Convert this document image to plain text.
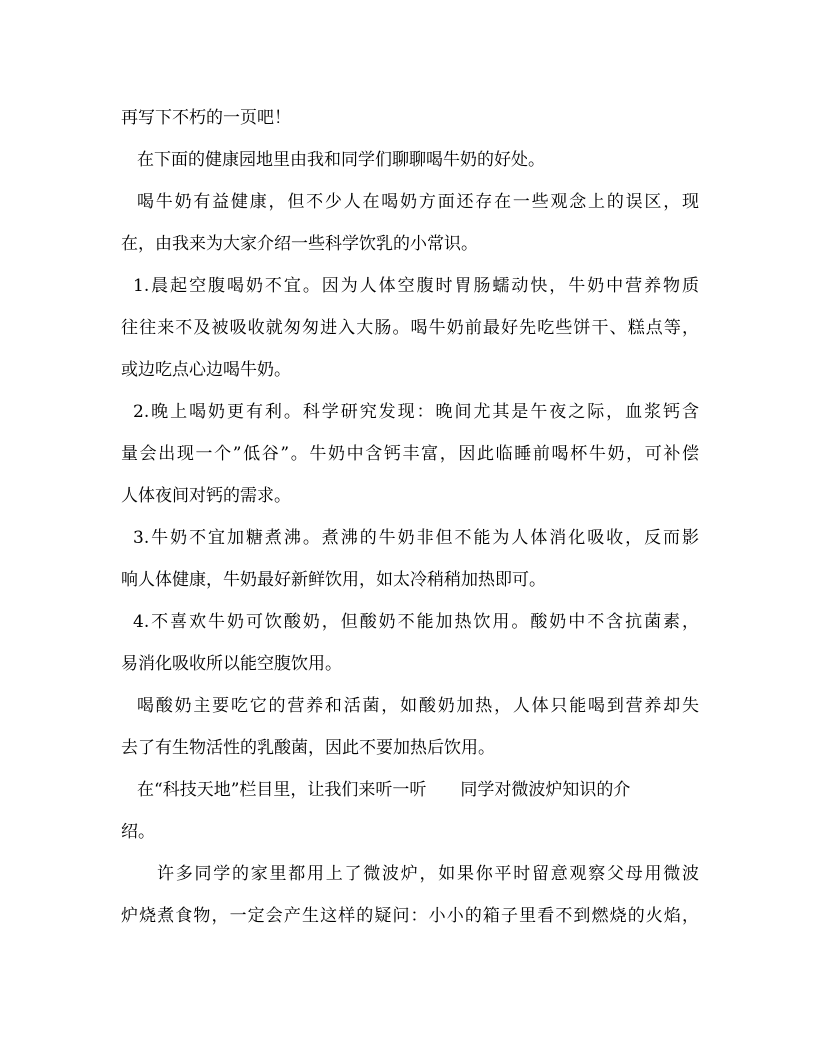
再写下不朽的一页吧！
在下面的健康园地里由我和同学们聊聊喝牛奶的好处。
喝牛奶有益健康，但不少人在喝奶方面还存在一些观念上的误区，现
在，由我来为大家介绍一些科学饮乳的小常识。
1.晨起空腹喝奶不宜。因为人体空腹时胃肠蠕动快，牛奶中营养物质
往往来不及被吸收就匆匆进入大肠。喝牛奶前最好先吃些饼干、糕点等，
或边吃点心边喝牛奶。
2.晚上喝奶更有利。科学研究发现：晚间尤其是午夜之际，血浆钙含
量会出现一个”低谷”。牛奶中含钙丰富，因此临睡前喝杯牛奶，可补偿
人体夜间对钙的需求。
3.牛奶不宜加糖煮沸。煮沸的牛奶非但不能为人体消化吸收，反而影
响人体健康，牛奶最好新鲜饮用，如太冷稍稍加热即可。
4.不喜欢牛奶可饮酸奶，但酸奶不能加热饮用。酸奶中不含抗菌素，
易消化吸收所以能空腹饮用。
喝酸奶主要吃它的营养和活菌，如酸奶加热，人体只能喝到营养却失
去了有生物活性的乳酸菌，因此不要加热后饮用。
在“科技天地”栏目里，让我们来听一听 同学对微波炉知识的介
绍。
许多同学的家里都用上了微波炉，如果你平时留意观察父母用微波
炉烧煮食物，一定会产生这样的疑问：小小的箱子里看不到燃烧的火焰，
